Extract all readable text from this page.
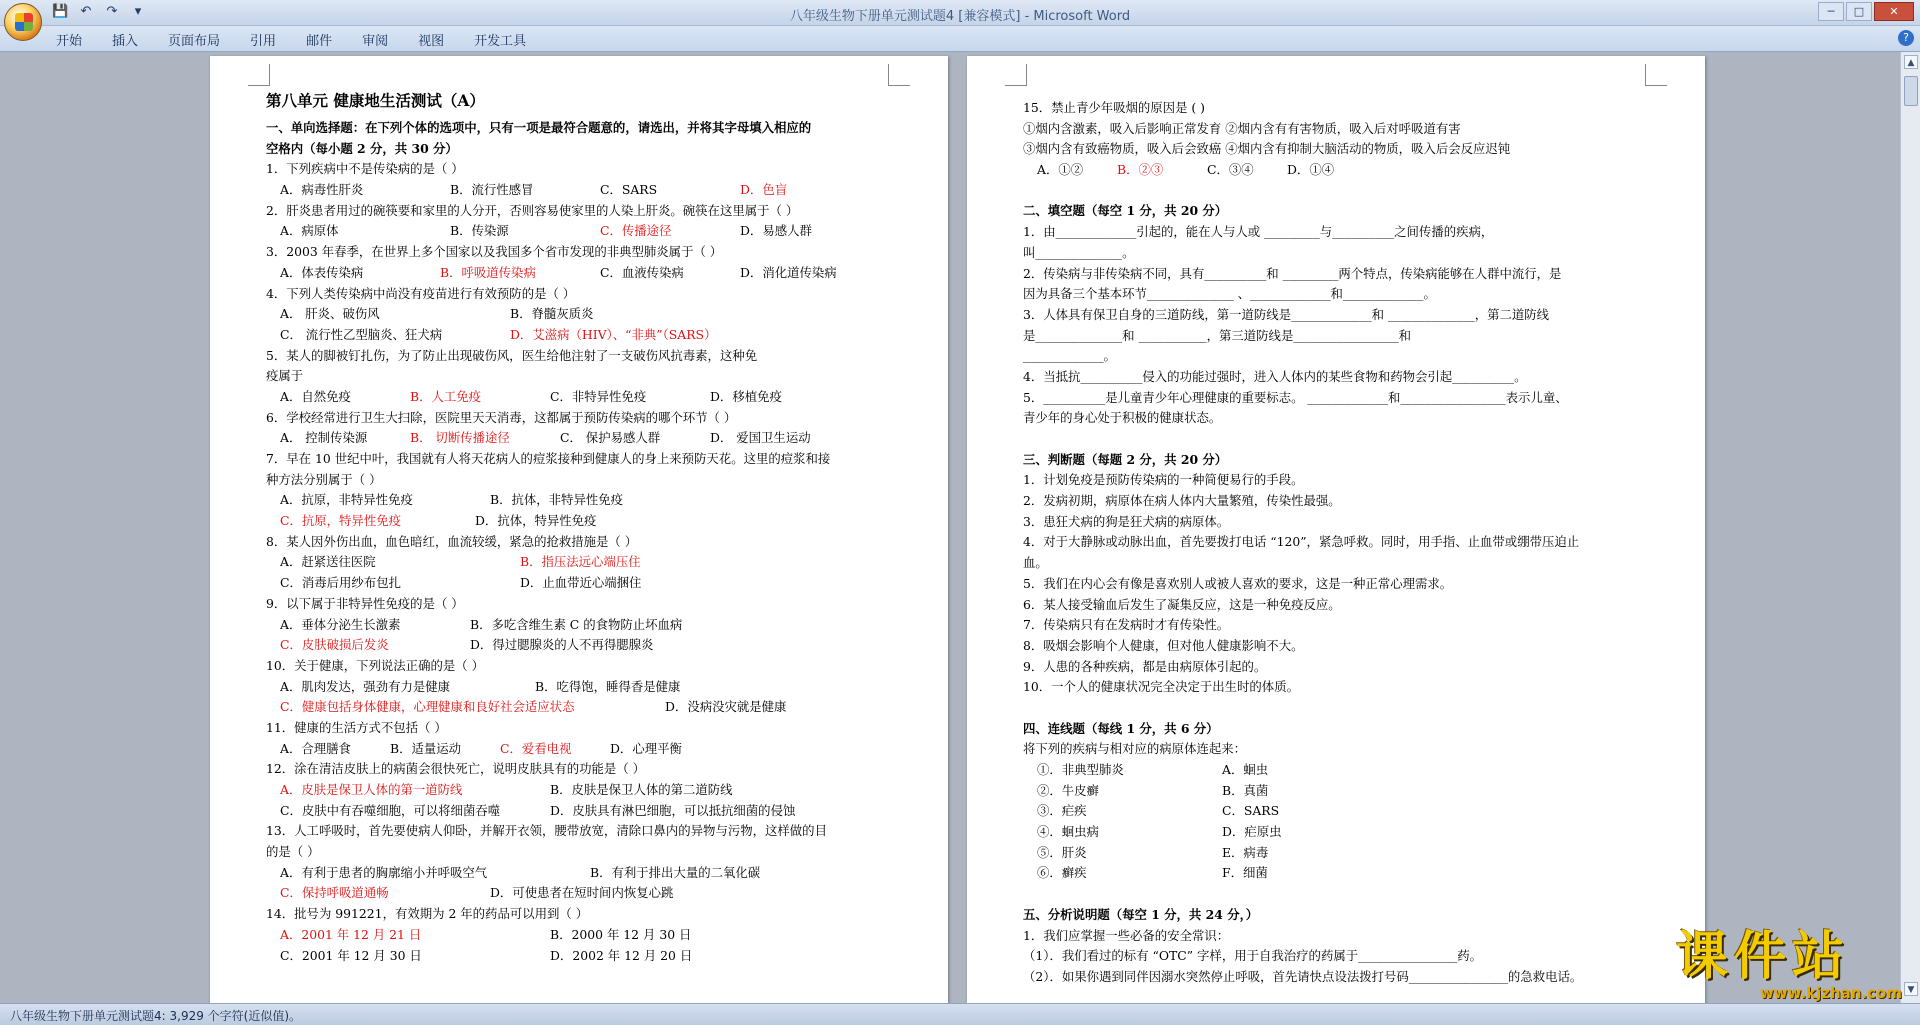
💾 ↶ ↷	▾	八年级生物下册单元测试题4 [兼容模式] - Microsoft Word	─	□	✕
开始 插入 页面布局 引用 邮件 审阅 视图 开发工具	?
第八单元 健康地生活测试（A）
一、单向选择题：在下列个体的选项中，只有一项是最符合题意的，请选出，并将其字母填入相应的
空格内（每小题 2 分，共 30 分）
1．下列疾病中不是传染病的是（ ）
A．病毒性肝炎	B．流行性感冒	C．SARS	D．色盲
2．肝炎患者用过的碗筷要和家里的人分开，否则容易使家里的人染上肝炎。碗筷在这里属于（ ）
A．病原体	B．传染源	C．传播途径	D．易感人群
3．2003 年春季，在世界上多个国家以及我国多个省市发现的非典型肺炎属于（ ）
A．体表传染病	B．呼吸道传染病	C．血液传染病	D．消化道传染病
4．下列人类传染病中尚没有疫苗进行有效预防的是（ ）
A． 肝炎、破伤风	B．脊髓灰质炎
C． 流行性乙型脑炎、狂犬病	D．艾滋病（HIV）、“非典”（SARS）
5．某人的脚被钉扎伤，为了防止出现破伤风，医生给他注射了一支破伤风抗毒素，这种免
疫属于
A．自然免疫	B．人工免疫	C．非特异性免疫	D．移植免疫
6．学校经常进行卫生大扫除，医院里天天消毒，这都属于预防传染病的哪个环节（ ）
A． 控制传染源	B． 切断传播途径	C． 保护易感人群	D． 爱国卫生运动
7．早在 10 世纪中叶，我国就有人将天花病人的痘浆接种到健康人的身上来预防天花。这里的痘浆和接
种方法分别属于（ ）
A．抗原，非特异性免疫	B．抗体，非特异性免疫
C．抗原，特异性免疫	D．抗体，特异性免疫
8．某人因外伤出血，血色暗红，血流较缓，紧急的抢救措施是（ ）
A．赶紧送往医院	B．指压法远心端压住
C．消毒后用纱布包扎	D．止血带近心端捆住
9．以下属于非特异性免疫的是（ ）
A．垂体分泌生长激素	B．多吃含维生素 C 的食物防止坏血病
C．皮肤破损后发炎	D．得过腮腺炎的人不再得腮腺炎
10．关于健康，下列说法正确的是（ ）
A．肌肉发达，强劲有力是健康	B．吃得饱，睡得香是健康
C．健康包括身体健康，心理健康和良好社会适应状态	D．没病没灾就是健康
11．健康的生活方式不包括（ ）
A．合理膳食	B．适量运动	C．爱看电视	D．心理平衡
12．涂在清洁皮肤上的病菌会很快死亡，说明皮肤具有的功能是（ ）
A．皮肤是保卫人体的第一道防线	B．皮肤是保卫人体的第二道防线
C．皮肤中有吞噬细胞，可以将细菌吞噬	D．皮肤具有淋巴细胞，可以抵抗细菌的侵蚀
13．人工呼吸时，首先要使病人仰卧，并解开衣领，腰带放宽，清除口鼻内的异物与污物，这样做的目
的是（ ）
A．有利于患者的胸廓缩小并呼吸空气	B．有利于排出大量的二氧化碳
C．保持呼吸道通畅	D．可使患者在短时间内恢复心跳
14．批号为 991221，有效期为 2 年的药品可以用到（ ）
A．2001 年 12 月 21 日	B．2000 年 12 月 30 日
C．2001 年 12 月 30 日	D．2002 年 12 月 20 日
15．禁止青少年吸烟的原因是 ( )
①烟内含激素，吸入后影响正常发育 ②烟内含有有害物质，吸入后对呼吸道有害
③烟内含有致癌物质，吸入后会致癌 ④烟内含有抑制大脑活动的物质，吸入后会反应迟钝
A．①②	B．②③	C．③④	D．①④
二、填空题（每空 1 分，共 20 分）
1．由_____________引起的，能在人与人或 _________与__________之间传播的疾病，
叫______________。
2．传染病与非传染病不同，具有__________和 _________两个特点，传染病能够在人群中流行，是
因为具备三个基本环节______________ 、_____________和_____________。
3．人体具有保卫自身的三道防线，第一道防线是_____________和 ______________，第二道防线
是______________和 ___________，第三道防线是_________________和
_____________。
4．当抵抗__________侵入的功能过强时，进入人体内的某些食物和药物会引起__________。
5．__________是儿童青少年心理健康的重要标志。 _____________和_________________表示儿童、
青少年的身心处于积极的健康状态。
三、判断题（每题 2 分，共 20 分）
1．计划免疫是预防传染病的一种简便易行的手段。
2．发病初期，病原体在病人体内大量繁殖，传染性最强。
3．患狂犬病的狗是狂犬病的病原体。
4．对于大静脉或动脉出血，首先要拨打电话 “120”，紧急呼救。同时，用手指、止血带或绷带压迫止
血。
5．我们在内心会有像是喜欢别人或被人喜欢的要求，这是一种正常心理需求。
6．某人接受输血后发生了凝集反应，这是一种免疫反应。
7．传染病只有在发病时才有传染性。
8．吸烟会影响个人健康，但对他人健康影响不大。
9．人患的各种疾病，都是由病原体引起的。
10．一个人的健康状况完全决定于出生时的体质。
四、连线题（每线 1 分，共 6 分）
将下列的疾病与相对应的病原体连起来：
①．非典型肺炎	A．蛔虫
②．牛皮癣	B．真菌
③．疟疾	C．SARS
④．蛔虫病	D．疟原虫
⑤．肝炎	E．病毒
⑥．癣疾	F．细菌
五、分析说明题（每空 1 分，共 24 分，）
1．我们应掌握一些必备的安全常识：
（1）．我们看过的标有 “OTC” 字样，用于自我治疗的药属于________________药。
（2）．如果你遇到同伴因溺水突然停止呼吸，首先请快点设法拨打号码________________的急救电话。
▲
▼
八年级生物下册单元测试题4: 3,929 个字符(近似值)。
课件站
www.kjzhan.com
